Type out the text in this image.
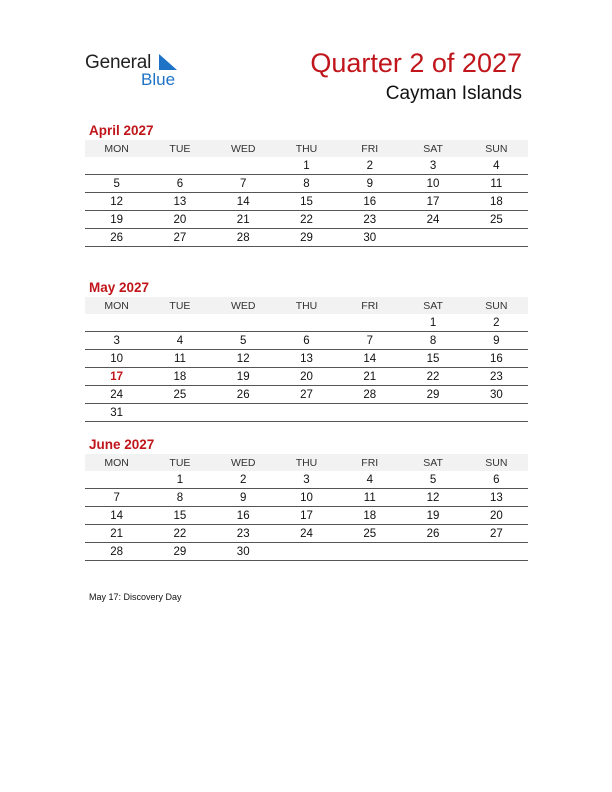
General
Blue
Quarter 2 of 2027
Cayman Islands
April 2027
MON	TUE	WED	THU	FRI	SAT	SUN
			1	2	3	4
5	6	7	8	9	10	11
12	13	14	15	16	17	18
19	20	21	22	23	24	25
26	27	28	29	30		
May 2027
MON	TUE	WED	THU	FRI	SAT	SUN
					1	2
3	4	5	6	7	8	9
10	11	12	13	14	15	16
17	18	19	20	21	22	23
24	25	26	27	28	29	30
31						
June 2027
MON	TUE	WED	THU	FRI	SAT	SUN
	1	2	3	4	5	6
7	8	9	10	11	12	13
14	15	16	17	18	19	20
21	22	23	24	25	26	27
28	29	30				
May 17: Discovery Day
